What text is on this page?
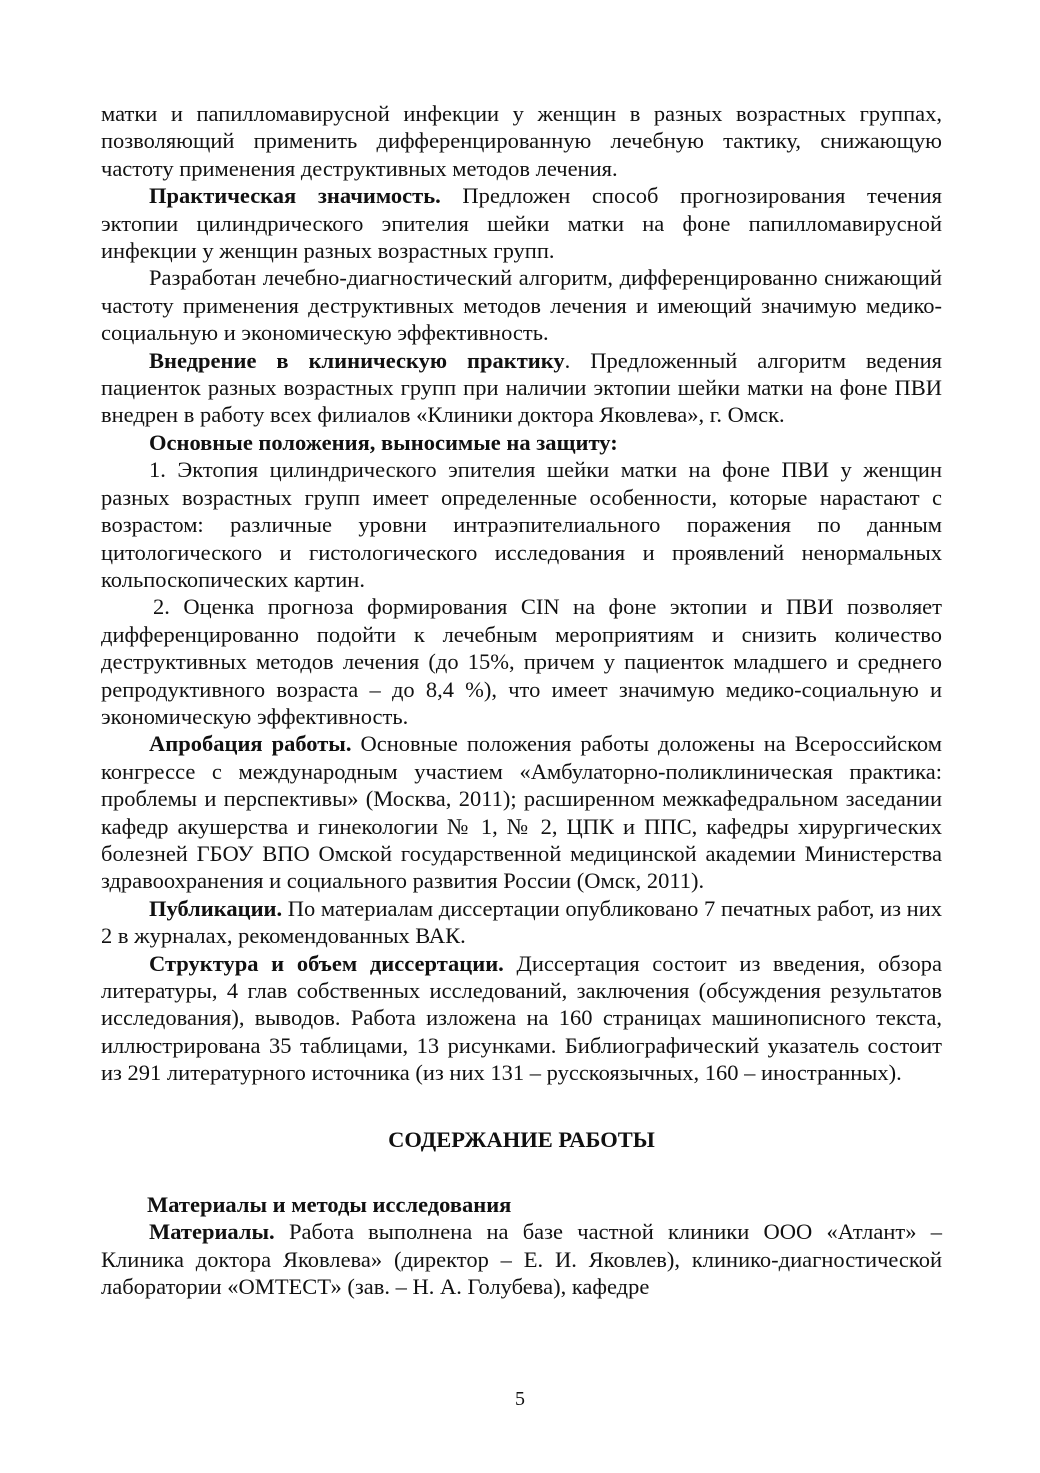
матки и папилломавирусной инфекции у женщин в разных возрастных группах, позволяющий применить дифференцированную лечебную тактику, снижающую частоту применения деструктивных методов лечения.

Практическая значимость. Предложен способ прогнозирования течения эктопии цилиндрического эпителия шейки матки на фоне папилломавирусной инфекции у женщин разных возрастных групп.

Разработан лечебно-диагностический алгоритм, дифференцированно снижающий частоту применения деструктивных методов лечения и имеющий значимую медико-социальную и экономическую эффективность.

Внедрение в клиническую практику. Предложенный алгоритм ведения пациенток разных возрастных групп при наличии эктопии шейки матки на фоне ПВИ внедрен в работу всех филиалов «Клиники доктора Яковлева», г. Омск.

Основные положения, выносимые на защиту:

1. Эктопия цилиндрического эпителия шейки матки на фоне ПВИ у женщин разных возрастных групп имеет определенные особенности, которые нарастают с возрастом: различные уровни интраэпителиального поражения по данным цитологического и гистологического исследования и проявлений ненормальных кольпоскопических картин.

2. Оценка прогноза формирования CIN на фоне эктопии и ПВИ позволяет дифференцированно подойти к лечебным мероприятиям и снизить количество деструктивных методов лечения (до 15%, причем у пациенток младшего и среднего репродуктивного возраста – до 8,4 %), что имеет значимую медико-социальную и экономическую эффективность.

Апробация работы. Основные положения работы доложены на Всероссийском конгрессе с международным участием «Амбулаторно-поликлиническая практика: проблемы и перспективы» (Москва, 2011); расширенном межкафедральном заседании кафедр акушерства и гинекологии № 1, № 2, ЦПК и ППС, кафедры хирургических болезней ГБОУ ВПО Омской государственной медицинской академии Министерства здравоохранения и социального развития России (Омск, 2011).

Публикации. По материалам диссертации опубликовано 7 печатных работ, из них 2 в журналах, рекомендованных ВАК.

Структура и объем диссертации. Диссертация состоит из введения, обзора литературы, 4 глав собственных исследований, заключения (обсуждения результатов исследования), выводов. Работа изложена на 160 страницах машинописного текста, иллюстрирована 35 таблицами, 13 рисунками. Библиографический указатель состоит из 291 литературного источника (из них 131 – русскоязычных, 160 – иностранных).

СОДЕРЖАНИЕ РАБОТЫ
Материалы и методы исследования

Материалы. Работа выполнена на базе частной клиники ООО «Атлант» – Клиника доктора Яковлева» (директор – Е. И. Яковлев), клинико-диагностической лаборатории «ОМТЕСТ» (зав. – Н. А. Голубева), кафедре

5
